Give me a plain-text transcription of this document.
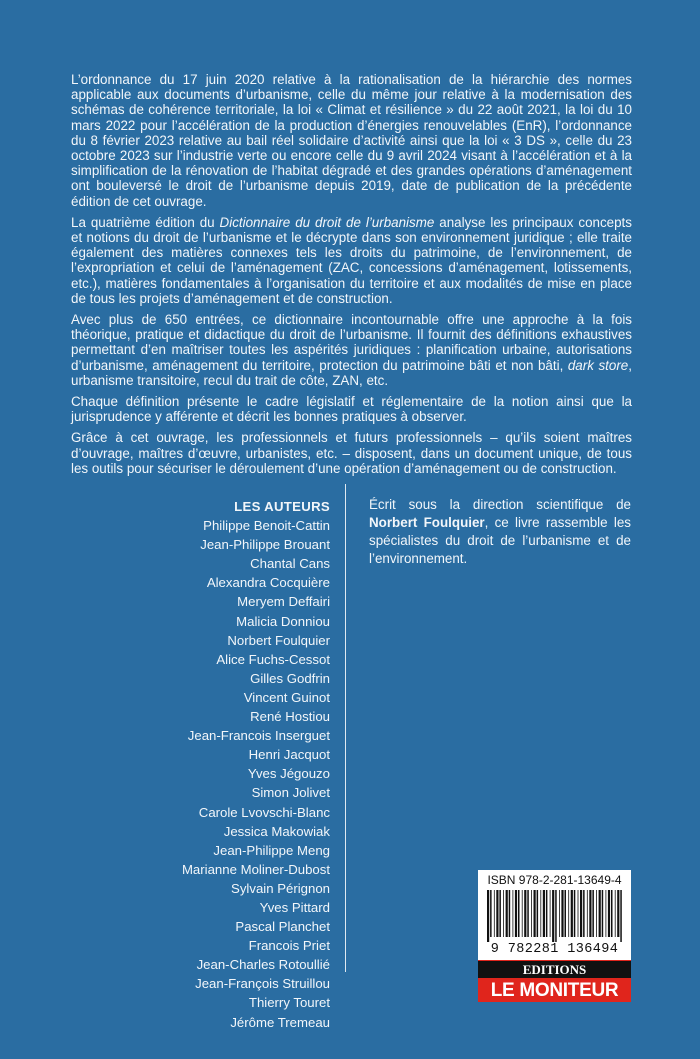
L’ordonnance du 17 juin 2020 relative à la rationalisation de la hiérarchie des normes applicable aux documents d’urbanisme, celle du même jour relative à la modernisation des schémas de cohérence territoriale, la loi « Climat et résilience » du 22 août 2021, la loi du 10 mars 2022 pour l’accélération de la production d’énergies renouvelables (EnR), l’ordonnance du 8 février 2023 relative au bail réel solidaire d’activité ainsi que la loi « 3 DS », celle du 23 octobre 2023 sur l’industrie verte ou encore celle du 9 avril 2024 visant à l’accélération et à la simplification de la rénovation de l’habitat dégradé et des grandes opérations d’aménagement ont bouleversé le droit de l’urbanisme depuis 2019, date de publication de la précédente édition de cet ouvrage.

La quatrième édition du Dictionnaire du droit de l’urbanisme analyse les principaux concepts et notions du droit de l’urbanisme et le décrypte dans son environnement juridique ; elle traite également des matières connexes tels les droits du patrimoine, de l’environnement, de l’expropriation et celui de l’aménagement (ZAC, concessions d’aménagement, lotissements, etc.), matières fondamentales à l’organisation du territoire et aux modalités de mise en place de tous les projets d’aménagement et de construction.

Avec plus de 650 entrées, ce dictionnaire incontournable offre une approche à la fois théorique, pratique et didactique du droit de l’urbanisme. Il fournit des définitions exhaustives permettant d’en maîtriser toutes les aspérités juridiques : planification urbaine, autorisations d’urbanisme, aménagement du territoire, protection du patrimoine bâti et non bâti, dark store, urbanisme transitoire, recul du trait de côte, ZAN, etc.

Chaque définition présente le cadre législatif et réglementaire de la notion ainsi que la jurisprudence y afférente et décrit les bonnes pratiques à observer.

Grâce à cet ouvrage, les professionnels et futurs professionnels – qu’ils soient maîtres d’ouvrage, maîtres d’œuvre, urbanistes, etc. – disposent, dans un document unique, de tous les outils pour sécuriser le déroulement d’une opération d’aménagement ou de construction.

LES AUTEURS
Philippe Benoit-Cattin
Jean-Philippe Brouant
Chantal Cans
Alexandra Cocquière
Meryem Deffairi
Malicia Donniou
Norbert Foulquier
Alice Fuchs-Cessot
Gilles Godfrin
Vincent Guinot
René Hostiou
Jean-Francois Inserguet
Henri Jacquot
Yves Jégouzo
Simon Jolivet
Carole Lvovschi-Blanc
Jessica Makowiak
Jean-Philippe Meng
Marianne Moliner-Dubost
Sylvain Pérignon
Yves Pittard
Pascal Planchet
Francois Priet
Jean-Charles Rotoullié
Jean-François Struillou
Thierry Touret
Jérôme Tremeau
Écrit sous la direction scientifique de Norbert Foulquier, ce livre rassemble les spécialistes du droit de l’urbanisme et de l’environnement.
ISBN 978-2-281-13649-4
9 782281 136494
EDITIONS
LE MONITEUR
